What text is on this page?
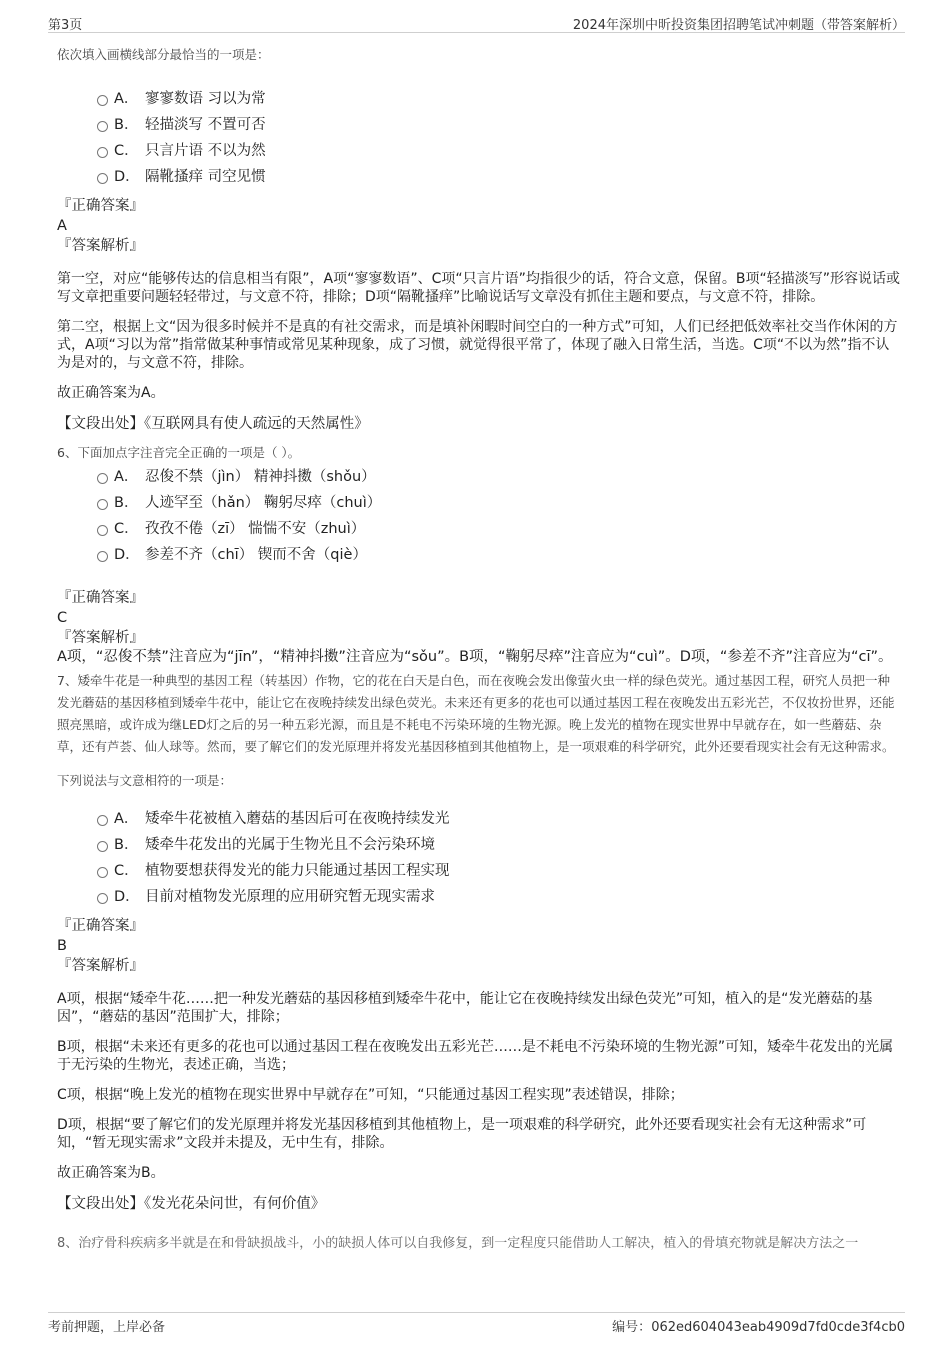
第3页	2024年深圳中昕投资集团招聘笔试冲刺题（带答案解析）
依次填入画横线部分最恰当的一项是：
A． 寥寥数语 习以为常
B． 轻描淡写 不置可否
C． 只言片语 不以为然
D． 隔靴搔痒 司空见惯
『正确答案』
A
『答案解析』
第一空，对应“能够传达的信息相当有限”，A项“寥寥数语”、C项“只言片语”均指很少的话，符合文意，保留。B项“轻描淡写”形容说话或写文章把重要问题轻轻带过，与文意不符，排除；D项“隔靴搔痒”比喻说话写文章没有抓住主题和要点，与文意不符，排除。
第二空，根据上文“因为很多时候并不是真的有社交需求，而是填补闲暇时间空白的一种方式”可知，人们已经把低效率社交当作休闲的方式，A项“习以为常”指常做某种事情或常见某种现象，成了习惯，就觉得很平常了，体现了融入日常生活，当选。C项“不以为然”指不认为是对的，与文意不符，排除。
故正确答案为A。
【文段出处】《互联网具有使人疏远的天然属性》
6、下面加点字注音完全正确的一项是（ ）。
A． 忍俊不禁（jìn） 精神抖擞（shǒu）
B． 人迹罕至（hǎn） 鞠躬尽瘁（chuì）
C． 孜孜不倦（zī） 惴惴不安（zhuì）
D． 参差不齐（chī） 锲而不舍（qiè）
『正确答案』
C
『答案解析』
A项，“忍俊不禁”注音应为“jīn”，“精神抖擞”注音应为“sǒu”。B项，“鞠躬尽瘁”注音应为“cuì”。D项，“参差不齐”注音应为“cī”。
7、矮牵牛花是一种典型的基因工程（转基因）作物，它的花在白天是白色，而在夜晚会发出像萤火虫一样的绿色荧光。通过基因工程，研究人员把一种发光蘑菇的基因移植到矮牵牛花中，能让它在夜晚持续发出绿色荧光。未来还有更多的花也可以通过基因工程在夜晚发出五彩光芒，不仅妆扮世界，还能照亮黑暗，或许成为继LED灯之后的另一种五彩光源，而且是不耗电不污染环境的生物光源。晚上发光的植物在现实世界中早就存在，如一些蘑菇、杂草，还有芦荟、仙人球等。然而，要了解它们的发光原理并将发光基因移植到其他植物上，是一项艰难的科学研究，此外还要看现实社会有无这种需求。
下列说法与文意相符的一项是：
A． 矮牵牛花被植入蘑菇的基因后可在夜晚持续发光
B． 矮牵牛花发出的光属于生物光且不会污染环境
C． 植物要想获得发光的能力只能通过基因工程实现
D． 目前对植物发光原理的应用研究暂无现实需求
『正确答案』
B
『答案解析』
A项，根据“矮牵牛花……把一种发光蘑菇的基因移植到矮牵牛花中，能让它在夜晚持续发出绿色荧光”可知，植入的是“发光蘑菇的基因”，“蘑菇的基因”范围扩大，排除；
B项，根据“未来还有更多的花也可以通过基因工程在夜晚发出五彩光芒……是不耗电不污染环境的生物光源”可知，矮牵牛花发出的光属于无污染的生物光，表述正确，当选；
C项，根据“晚上发光的植物在现实世界中早就存在”可知，“只能通过基因工程实现”表述错误，排除；
D项，根据“要了解它们的发光原理并将发光基因移植到其他植物上，是一项艰难的科学研究，此外还要看现实社会有无这种需求”可知，“暂无现实需求”文段并未提及，无中生有，排除。
故正确答案为B。
【文段出处】《发光花朵问世，有何价值》
8、治疗骨科疾病多半就是在和骨缺损战斗，小的缺损人体可以自我修复，到一定程度只能借助人工解决，植入的骨填充物就是解决方法之一
考前押题，上岸必备	编号：062ed604043eab4909d7fd0cde3f4cb0
